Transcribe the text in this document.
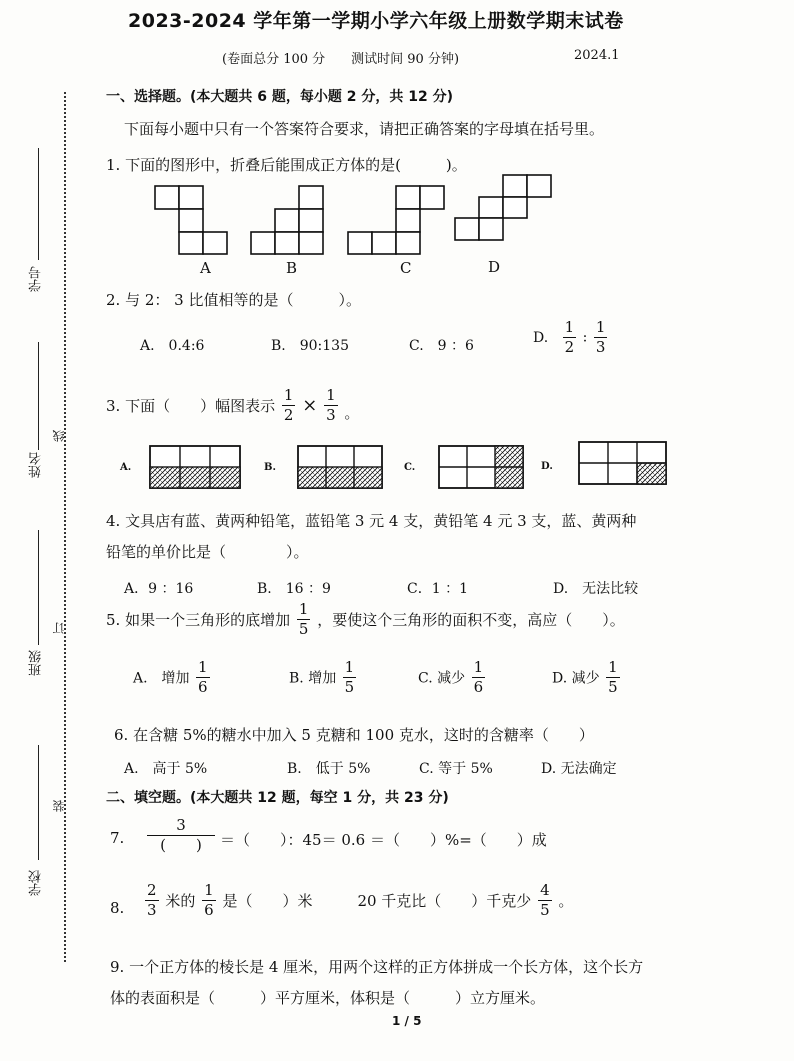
学号
姓名
线
班级
订
学校
装
2023-2024 学年第一学期小学六年级上册数学期末试卷
(卷面总分 100 分　　测试时间 90 分钟)	2024.1
一、选择题。(本大题共 6 题，每小题 2 分，共 12 分)
下面每小题中只有一个答案符合要求，请把正确答案的字母填在括号里。
1. 下面的图形中，折叠后能围成正方体的是(　　　)。
A	B	C	D
2. 与 2： 3 比值相等的是（　　　）。
A.　0.4:6	B.　90:135	C.　9 ：6
D. $\frac{1}{2}$ : $\frac{1}{3}$
3. 下面（　　）幅图表示 $\frac{1}{2} \times \frac{1}{3}$ 。
A.	B.	C.	D.
4. 文具店有蓝、黄两种铅笔，蓝铅笔 3 元 4 支，黄铅笔 4 元 3 支，蓝、黄两种
铅笔的单价比是（　　　　）。
A．9 ：16	B.　16 ：9	C．1 ：1	D.　无法比较
5. 如果一个三角形的底增加 $\frac{1}{5}$ ，要使这个三角形的面积不变，高应（　　）。
A.　增加 $\frac{1}{6}$	B. 增加 $\frac{1}{5}$	C. 减少 $\frac{1}{6}$	D. 减少 $\frac{1}{5}$
6. 在含糖 5%的糖水中加入 5 克糖和 100 克水，这时的含糖率（　　）
A.　高于 5%	B.　低于 5%	C. 等于 5%	D. 无法确定
二、填空题。(本大题共 12 题，每空 1 分，共 23 分)
7. $\frac{3}{( )}$ ＝（　　）：45＝ 0.6 ＝（　　）%=（　　）成
8. $\frac{2}{3}$ 米的 $\frac{1}{6}$ 是（　　）米　　　20 千克比（　　）千克少 $\frac{4}{5}$ 。
9. 一个正方体的棱长是 4 厘米，用两个这样的正方体拼成一个长方体，这个长方
体的表面积是（　　　）平方厘米，体积是（　　　）立方厘米。
1 / 5
